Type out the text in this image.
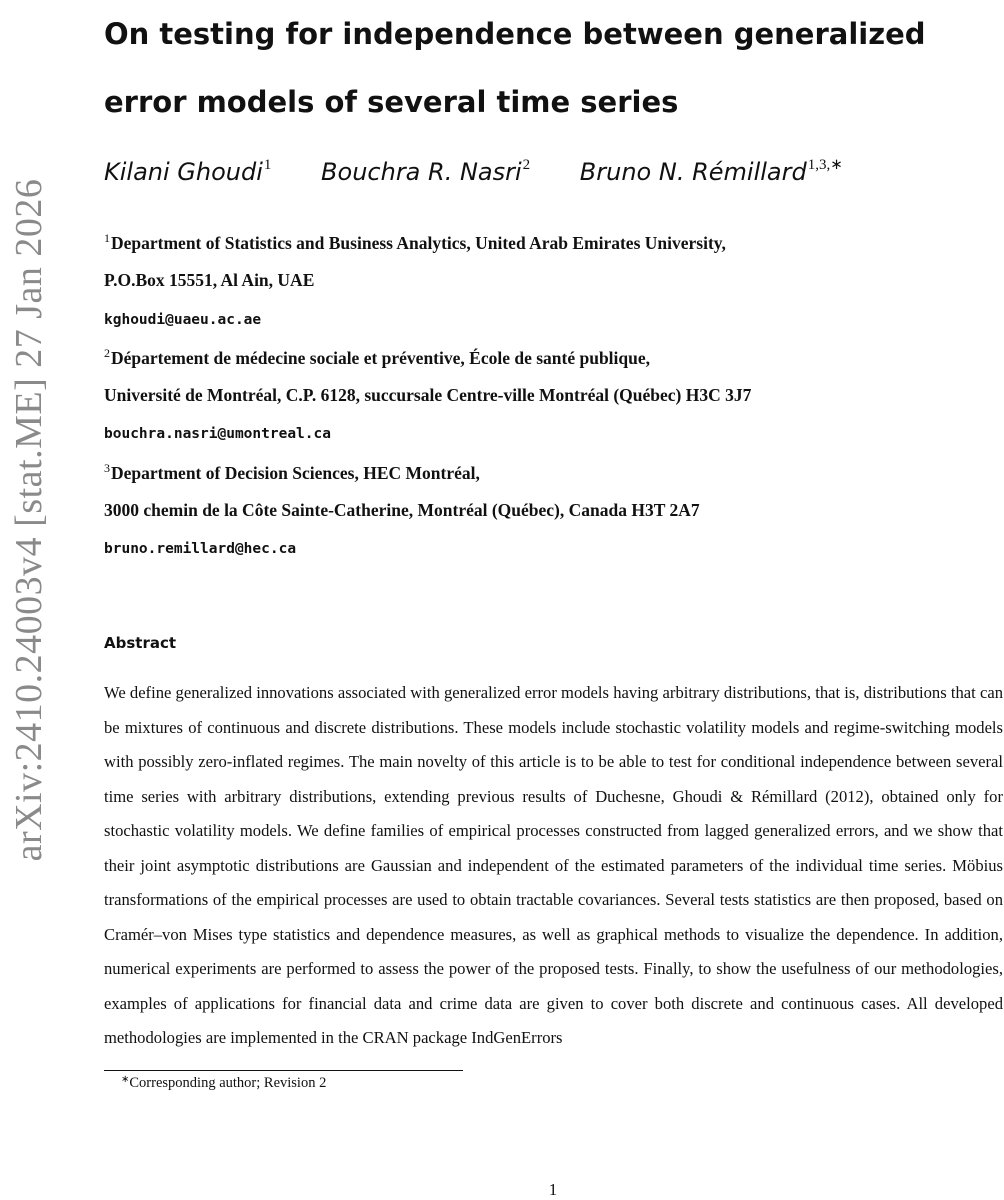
arXiv:2410.24003v4 [stat.ME] 27 Jan 2026
On testing for independence between generalized error models of several time series
Kilani Ghoudi$^1$ Bouchra R. Nasri$^2$ Bruno N. Rémillard$^{1,3,∗}$
$^1$Department of Statistics and Business Analytics, United Arab Emirates University,
P.O.Box 15551, Al Ain, UAE
kghoudi@uaeu.ac.ae
$^2$Département de médecine sociale et préventive, École de santé publique,
Université de Montréal, C.P. 6128, succursale Centre-ville Montréal (Québec) H3C 3J7
bouchra.nasri@umontreal.ca
$^3$Department of Decision Sciences, HEC Montréal,
3000 chemin de la Côte Sainte-Catherine, Montréal (Québec), Canada H3T 2A7
bruno.remillard@hec.ca
Abstract

We define generalized innovations associated with generalized error models having arbitrary distributions, that is, distributions that can be mixtures of continuous and discrete distributions. These models include stochastic volatility models and regime-switching models with possibly zero-inflated regimes. The main novelty of this article is to be able to test for conditional independence between several time series with arbitrary distributions, extending previous results of Duchesne, Ghoudi & Rémillard (2012), obtained only for stochastic volatility models. We define families of empirical processes constructed from lagged generalized errors, and we show that their joint asymptotic distributions are Gaussian and independent of the estimated parameters of the individual time series. Möbius transformations of the empirical processes are used to obtain tractable covariances. Several tests statistics are then proposed, based on Cramér–von Mises type statistics and dependence measures, as well as graphical methods to visualize the dependence. In addition, numerical experiments are performed to assess the power of the proposed tests. Finally, to show the usefulness of our methodologies, examples of applications for financial data and crime data are given to cover both discrete and continuous cases. All developed methodologies are implemented in the CRAN package IndGenErrors

∗Corresponding author; Revision 2
1
